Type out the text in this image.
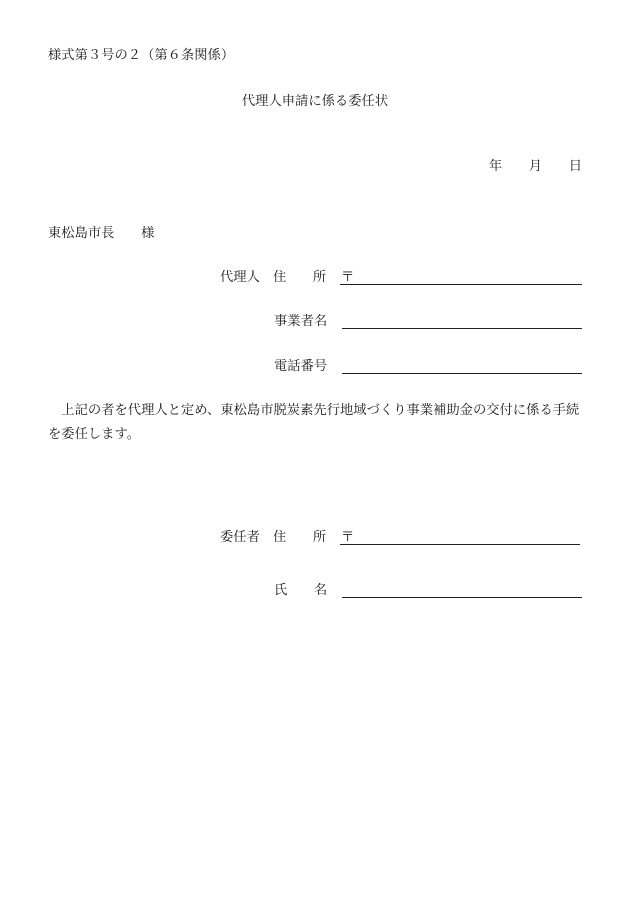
様式第３号の２（第６条関係）
代理人申請に係る委任状
年　　月　　日
東松島市長　　様
代理人 住　　所 〒
事業者名
電話番号
上記の者を代理人と定め、東松島市脱炭素先行地域づくり事業補助金の交付に係る手続
を委任します。
委任者 住　　所 〒
氏　　名
